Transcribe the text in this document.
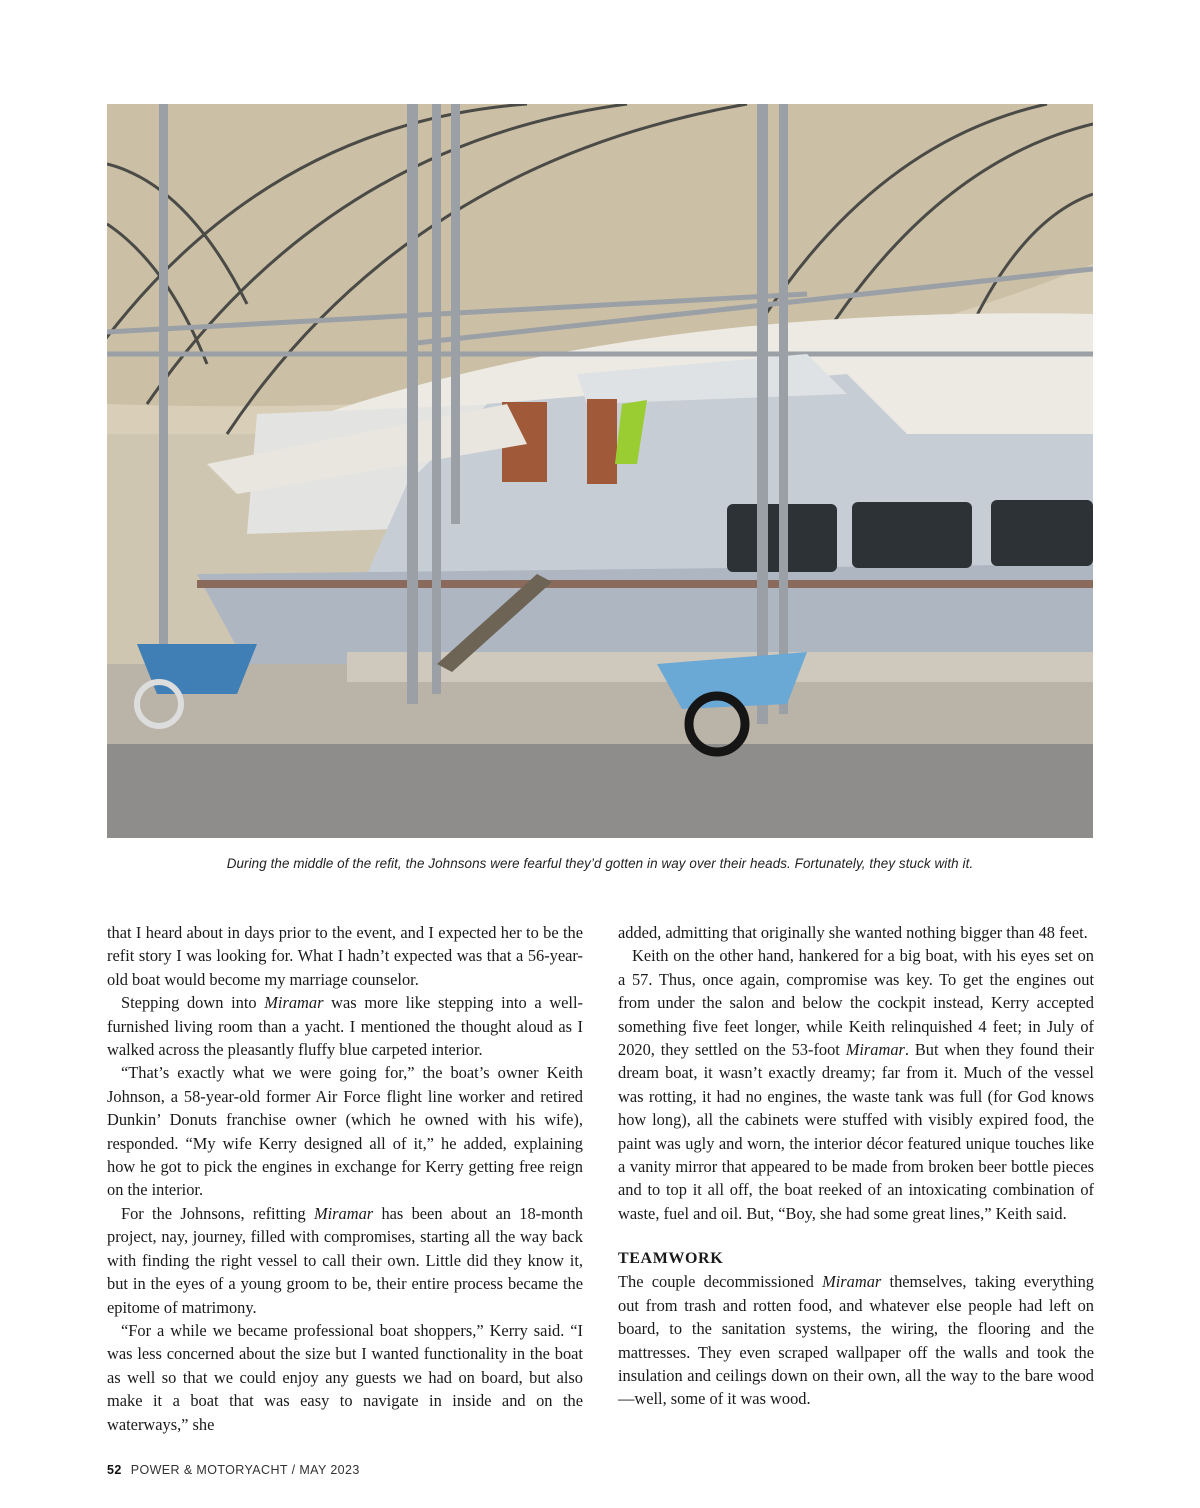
During the middle of the refit, the Johnsons were fearful they’d gotten in way over their heads. Fortunately, they stuck with it.

that I heard about in days prior to the event, and I expected her to be the refit story I was looking for. What I hadn’t expected was that a 56-year-old boat would become my marriage counselor.

Stepping down into Miramar was more like stepping into a well-furnished living room than a yacht. I mentioned the thought aloud as I walked across the pleasantly fluffy blue carpeted interior.

“That’s exactly what we were going for,” the boat’s owner Keith Johnson, a 58-year-old former Air Force flight line worker and retired Dunkin’ Donuts franchise owner (which he owned with his wife), responded. “My wife Kerry designed all of it,” he added, explaining how he got to pick the engines in exchange for Kerry getting free reign on the interior.

For the Johnsons, refitting Miramar has been about an 18-month project, nay, journey, filled with compromises, starting all the way back with finding the right vessel to call their own. Little did they know it, but in the eyes of a young groom to be, their entire process became the epitome of matrimony.

“For a while we became professional boat shoppers,” Kerry said. “I was less concerned about the size but I wanted functionality in the boat as well so that we could enjoy any guests we had on board, but also make it a boat that was easy to navigate in inside and on the waterways,” she

added, admitting that originally she wanted nothing bigger than 48 feet.

Keith on the other hand, hankered for a big boat, with his eyes set on a 57. Thus, once again, compromise was key. To get the engines out from under the salon and below the cockpit instead, Kerry accepted something five feet longer, while Keith relinquished 4 feet; in July of 2020, they settled on the 53-foot Miramar. But when they found their dream boat, it wasn’t exactly dreamy; far from it. Much of the vessel was rotting, it had no engines, the waste tank was full (for God knows how long), all the cabinets were stuffed with visibly expired food, the paint was ugly and worn, the interior décor featured unique touches like a vanity mirror that appeared to be made from broken beer bottle pieces and to top it all off, the boat reeked of an intoxicating combination of waste, fuel and oil. But, “Boy, she had some great lines,” Keith said.

TEAMWORK

The couple decommissioned Miramar themselves, taking everything out from trash and rotten food, and whatever else people had left on board, to the sanitation systems, the wiring, the flooring and the mattresses. They even scraped wallpaper off the walls and took the insulation and ceilings down on their own, all the way to the bare wood—well, some of it was wood.

52 POWER & MOTORYACHT / MAY 2023
